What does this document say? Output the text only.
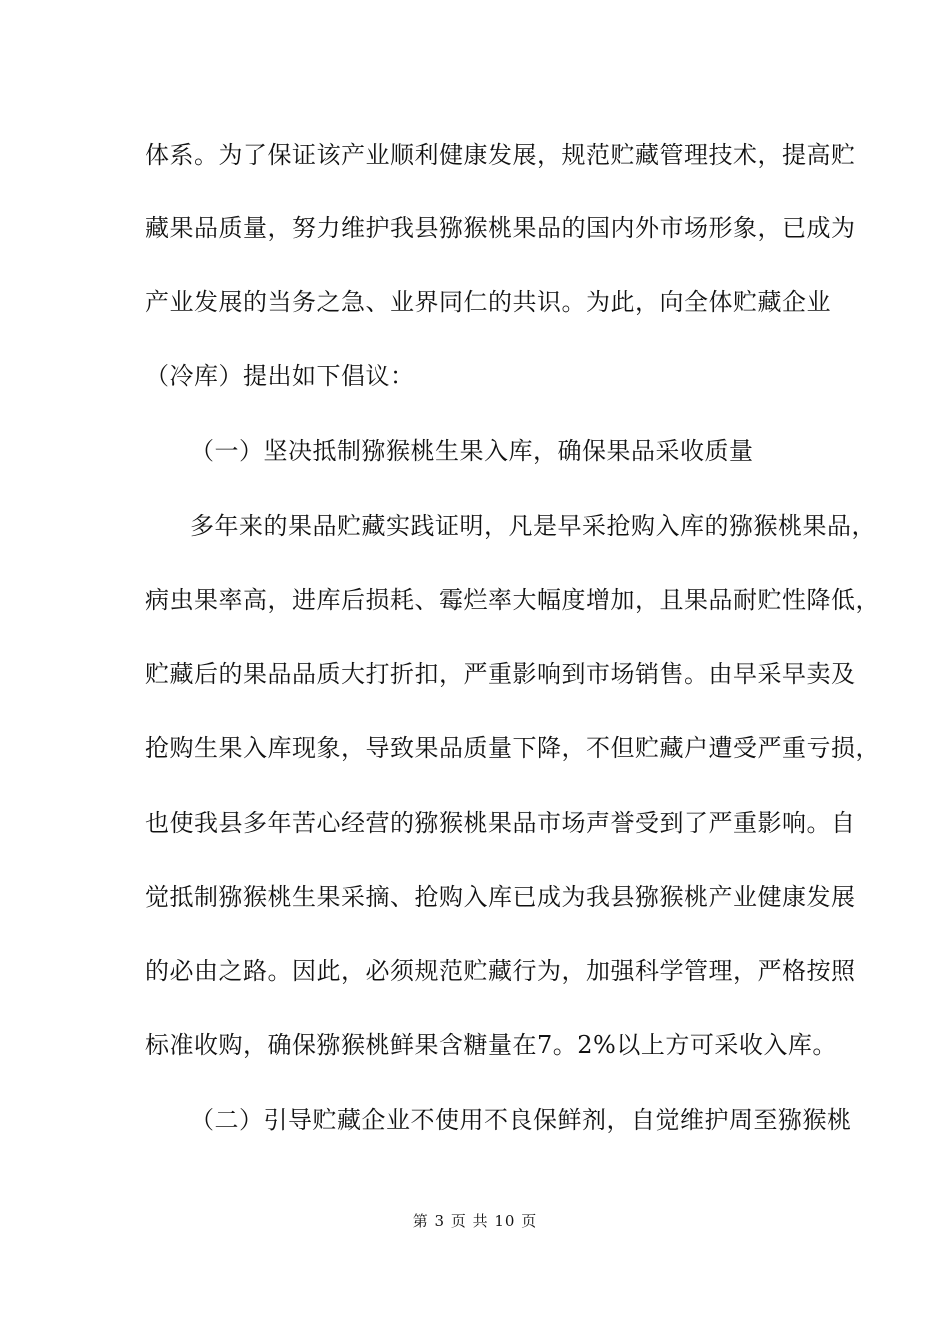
体系。为了保证该产业顺利健康发展，规范贮藏管理技术，提高贮
藏果品质量，努力维护我县猕猴桃果品的国内外市场形象，已成为
产业发展的当务之急、业界同仁的共识。为此，向全体贮藏企业
（冷库）提出如下倡议：
（一）坚决抵制猕猴桃生果入库，确保果品采收质量
多年来的果品贮藏实践证明，凡是早采抢购入库的猕猴桃果品，
病虫果率高，进库后损耗、霉烂率大幅度增加，且果品耐贮性降低，
贮藏后的果品品质大打折扣，严重影响到市场销售。由早采早卖及
抢购生果入库现象，导致果品质量下降，不但贮藏户遭受严重亏损，
也使我县多年苦心经营的猕猴桃果品市场声誉受到了严重影响。自
觉抵制猕猴桃生果采摘、抢购入库已成为我县猕猴桃产业健康发展
的必由之路。因此，必须规范贮藏行为，加强科学管理，严格按照
标准收购，确保猕猴桃鲜果含糖量在7。2%以上方可采收入库。
（二）引导贮藏企业不使用不良保鲜剂，自觉维护周至猕猴桃
第 3 页 共 10 页
